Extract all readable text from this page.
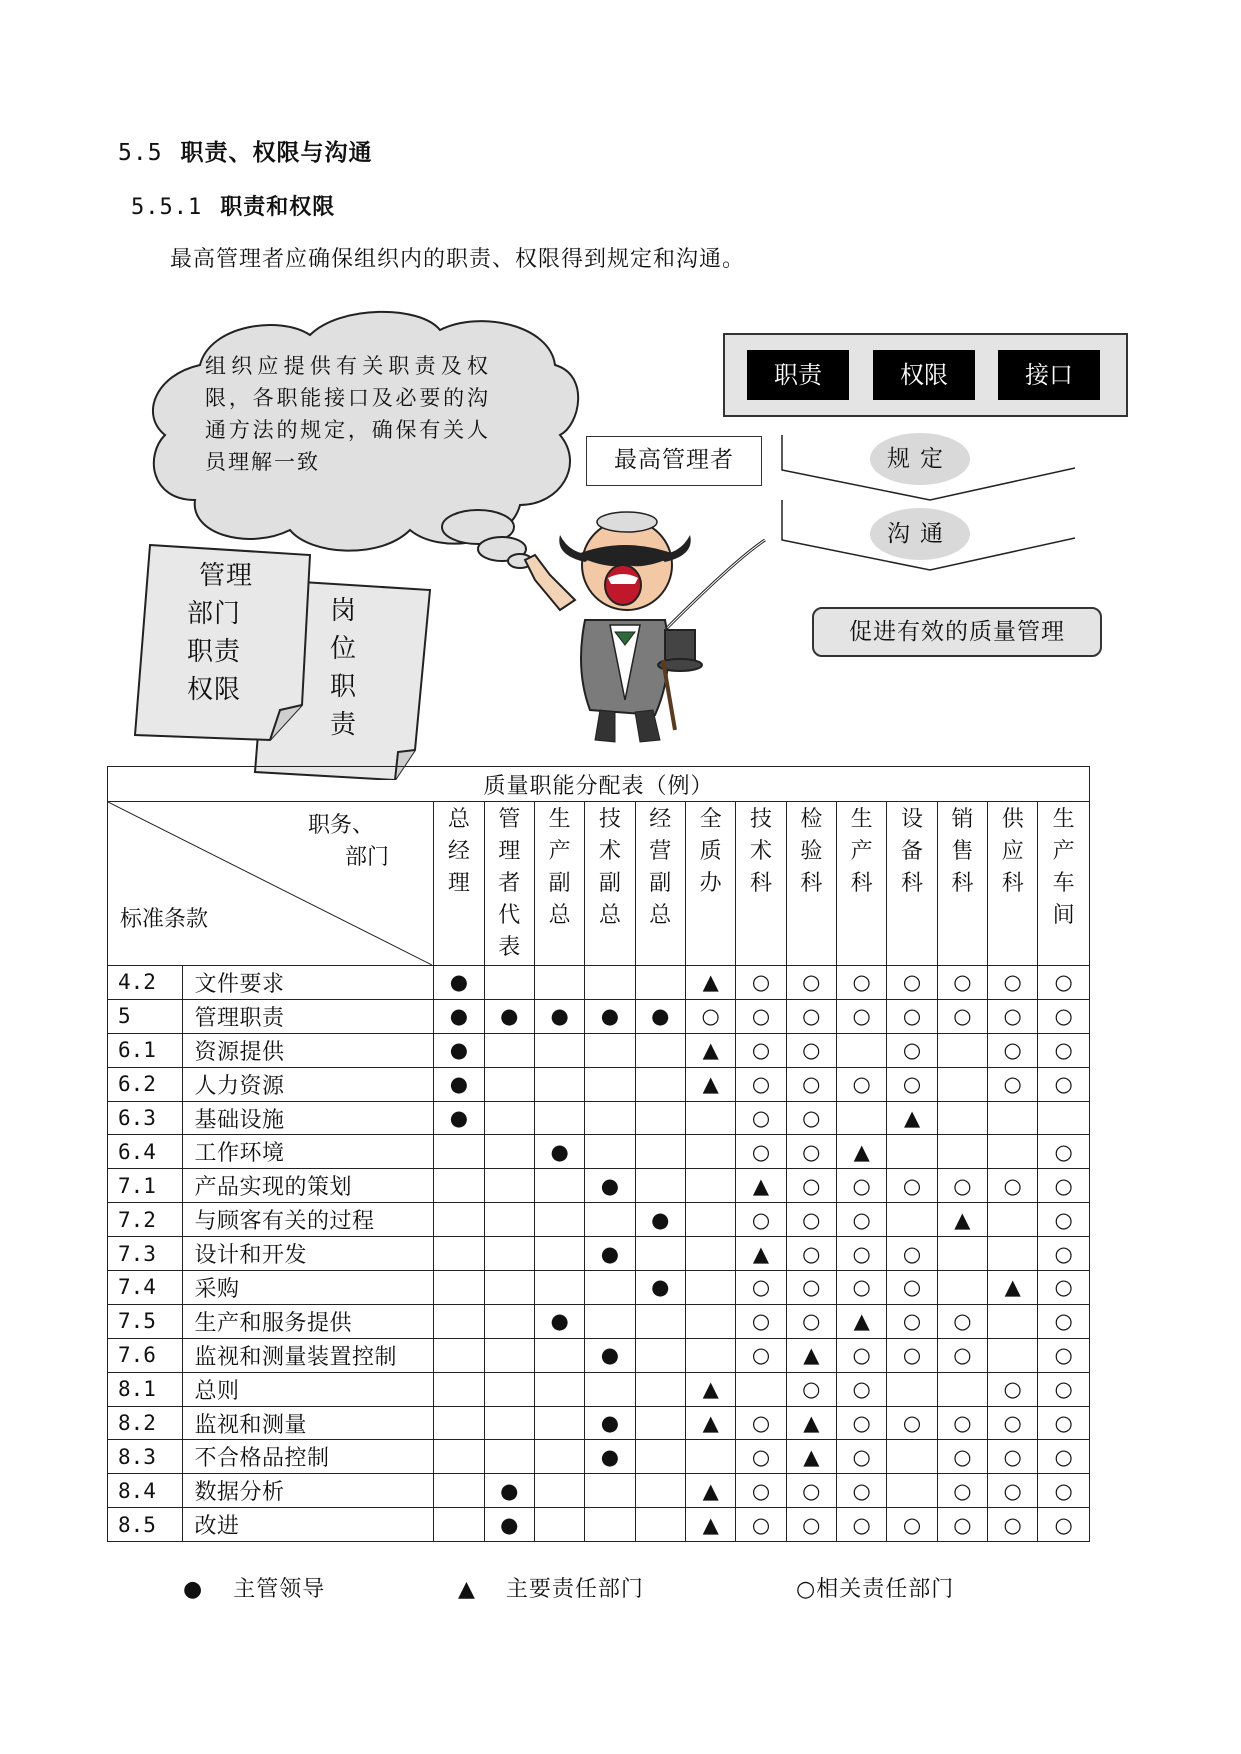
5.5 职责、权限与沟通
5.5.1 职责和权限
最高管理者应确保组织内的职责、权限得到规定和沟通。
组织应提供有关职责及权限，各职能接口及必要的沟通方法的规定，确保有关人员理解一致
管理
部门
职责
权限
岗
位
职
责
职责	权限	接口
最高管理者	规定
沟通
促进有效的质量管理
质量职能分配表（例）														

职务、
部门
标准条款		总经理	管理者代表	生产副总	技术副总	经营副总	全质办	技术科	检验科	生产科	设备科	销售科	供应科	生产车间
4.2	文件要求	●					▲	○	○	○	○	○	○	○
5	管理职责	●	●	●	●	●	○	○	○	○	○	○	○	○
6.1	资源提供	●					▲	○	○		○		○	○
6.2	人力资源	●					▲	○	○	○	○		○	○
6.3	基础设施	●						○	○		▲			
6.4	工作环境			●				○	○	▲				○
7.1	产品实现的策划				●			▲	○	○	○	○	○	○
7.2	与顾客有关的过程					●		○	○	○		▲		○
7.3	设计和开发				●			▲	○	○	○			○
7.4	采购					●		○	○	○	○		▲	○
7.5	生产和服务提供			●				○	○	▲	○	○		○
7.6	监视和测量装置控制				●			○	▲	○	○	○		○
8.1	总则						▲		○	○			○	○
8.2	监视和测量				●		▲	○	▲	○	○	○	○	○
8.3	不合格品控制				●			○	▲	○		○	○	○
8.4	数据分析		●				▲	○	○	○		○	○	○
8.5	改进		●				▲	○	○	○	○	○	○	○
● 主管领导	▲ 主要责任部门	○相关责任部门
